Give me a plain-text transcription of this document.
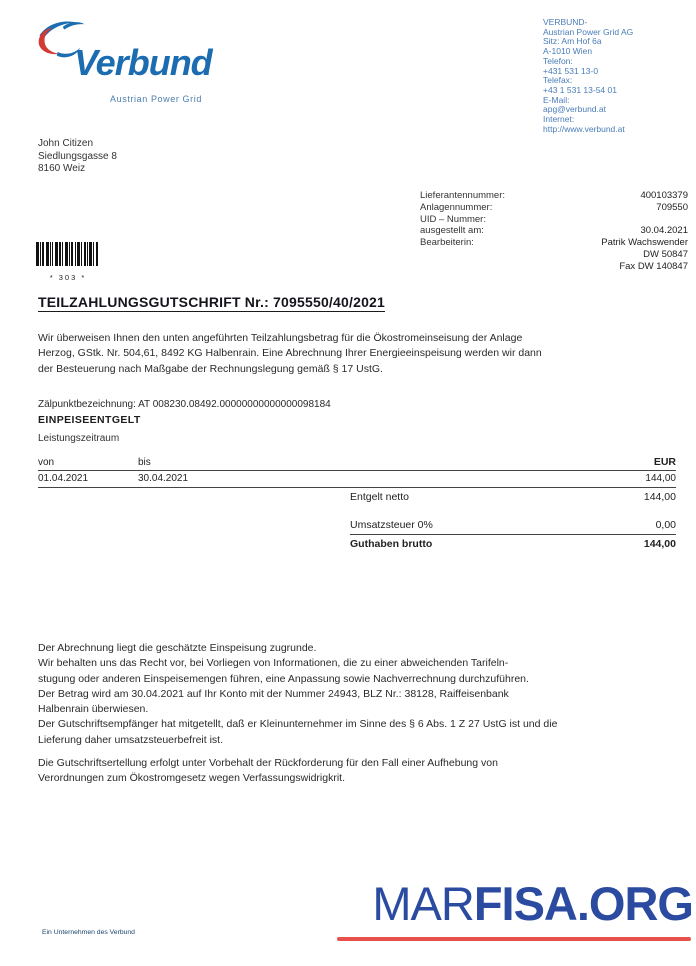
Verbund
Austrian Power Grid
VERBUND-
Austrian Power Grid AG
Sitz: Am Hof 6a
A-1010 Wien
Telefon:
+431 531 13-0
Telefax:
+43 1 531 13-54 01
E-Mail:
apg@verbund.at
Internet:
http://www.verbund.at
John Citizen
Siedlungsgasse 8
8160 Weiz
Lieferantennummer:	400103379
Anlagennummer:	709550
UID – Nummer:
ausgestellt am:	30.04.2021
Bearbeiterin:	Patrik Wachswender
DW 50847
Fax DW 140847
* 303 *
TEILZAHLUNGSGUTSCHRIFT Nr.: 7095550/40/2021
Wir überweisen Ihnen den unten angeführten Teilzahlungsbetrag für die Ökostromeinseisung der Anlage
Herzog, GStk. Nr. 504,61, 8492 KG Halbenrain. Eine Abrechnung Ihrer Energieeinspeisung werden wir dann
der Besteuerung nach Maßgabe der Rechnungslegung gemäß § 17 UstG.
Zälpunktbezeichnung: AT 008230.08492.00000000000000098184
EINPEISEENTGELT
Leistungszeitraum
von	bis	EUR
01.04.2021	30.04.2021	144,00
Entgelt netto	144,00
Umsatzsteuer 0%	0,00
Guthaben brutto	144,00
Der Abrechnung liegt die geschätzte Einspeisung zugrunde.
Wir behalten uns das Recht vor, bei Vorliegen von Informationen, die zu einer abweichenden Tarifeln-
stugung oder anderen Einspeisemengen führen, eine Anpassung sowie Nachverrechnung durchzuführen.
Der Betrag wird am 30.04.2021 auf Ihr Konto mit der Nummer 24943, BLZ Nr.: 38128, Raiffeisenbank
Halbenrain überwiesen.
Der Gutschriftsempfänger hat mitgetellt, daß er Kleinunternehmer im Sinne des § 6 Abs. 1 Z 27 UstG ist und die
Lieferung daher umsatzsteuerbefreit ist.
Die Gutschriftsertellung erfolgt unter Vorbehalt der Rückforderung für den Fall einer Aufhebung von
Verordnungen zum Ökostromgesetz wegen Verfassungswidrigkrit.
Ein Unternehmen des Verbund
MARFISA.ORG
